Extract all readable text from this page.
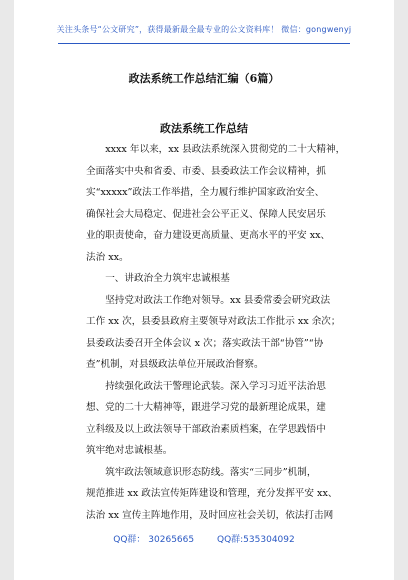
关注头条号“公文研究”，获得最新最全最专业的公文资料库！ 微信：gongwenyj
政法系统工作总结汇编（6篇）
政法系统工作总结
xxxx 年以来，xx 县政法系统深入贯彻党的二十大精神，
全面落实中央和省委、市委、县委政法工作会议精神，抓
实“xxxxx”政法工作举措，全力履行维护国家政治安全、
确保社会大局稳定、促进社会公平正义、保障人民安居乐
业的职责使命，奋力建设更高质量、更高水平的平安 xx、
法治 xx。
一、讲政治全力筑牢忠诚根基
坚持党对政法工作绝对领导。xx 县委常委会研究政法
工作 xx 次，县委县政府主要领导对政法工作批示 xx 余次；
县委政法委召开全体会议 x 次；落实政法干部“协管”“协
查”机制，对县级政法单位开展政治督察。
持续强化政法干警理论武装。深入学习习近平法治思
想、党的二十大精神等，跟进学习党的最新理论成果，建
立科级及以上政法领导干部政治素质档案，在学思践悟中
筑牢绝对忠诚根基。
筑牢政法领域意识形态防线。落实“三同步”机制，
规范推进 xx 政法宣传矩阵建设和管理，充分发挥平安 xx、
法治 xx 宣传主阵地作用，及时回应社会关切，依法打击网
QQ群： 30265665	QQ群:535304092
